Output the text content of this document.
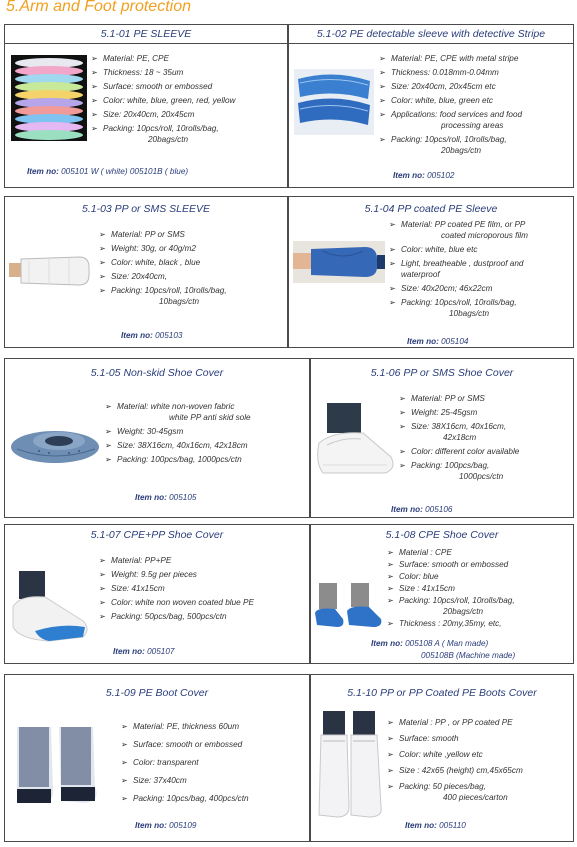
5.Arm and Foot protection
5.1-01 PE SLEEVE
➢ Material: PE, CPE
➢ Thickness: 18 ~ 35um
➢ Surface: smooth or embossed
➢ Color: white, blue, green, red, yellow
➢ Size: 20x40cm, 20x45cm
➢ Packing: 10pcs/roll, 10rolls/bag,
20bags/ctn
Item no: 005101 W ( white) 005101B ( blue)
5.1-02 PE detectable sleeve with detective Stripe
➢ Material: PE, CPE with metal stripe
➢ Thickness: 0.018mm-0.04mm
➢ Size: 20x40cm, 20x45cm etc
➢ Color: white, blue, green etc
➢ Applications: food services and food
processing areas
➢ Packing: 10pcs/roll, 10rolls/bag,
20bags/ctn
Item no: 005102
5.1-03 PP or SMS SLEEVE
➢ Material: PP or SMS
➢ Weight: 30g, or 40g/m2
➢ Color: white, black , blue
➢ Size: 20x40cm,
➢ Packing: 10pcs/roll, 10rolls/bag,
10bags/ctn
Item no: 005103
5.1-04 PP coated PE Sleeve
➢ Material: PP coated PE film, or PP
coated microporous film
➢ Color: white, blue etc
➢ Light, breatheable , dustproof and
waterproof
➢ Size: 40x20cm; 46x22cm
➢ Packing: 10pcs/roll, 10rolls/bag,
10bags/ctn
Item no: 005104
5.1-05 Non-skid Shoe Cover
➢ Material: white non-woven fabric
white PP anti skid sole
➢ Weight: 30-45gsm
➢ Size: 38X16cm, 40x16cm, 42x18cm
➢ Packing: 100pcs/bag, 1000pcs/ctn
Item no: 005105
5.1-06 PP or SMS Shoe Cover
➢ Material: PP or SMS
➢ Weight: 25-45gsm
➢ Size: 38X16cm, 40x16cm,
42x18cm
➢ Color: different color available
➢ Packing: 100pcs/bag,
1000pcs/ctn
Item no: 005106
5.1-07 CPE+PP Shoe Cover
➢ Material: PP+PE
➢ Weight: 9.5g per pieces
➢ Size: 41x15cm
➢ Color: white non woven coated blue PE
➢ Packing: 50pcs/bag, 500pcs/ctn
Item no: 005107
5.1-08 CPE Shoe Cover
➢ Material : CPE
➢ Surface: smooth or embossed
➢ Color: blue
➢ Size : 41x15cm
➢ Packing: 10pcs/roll, 10rolls/bag,
20bags/ctn
➢ Thickness : 20my,35my, etc,
Item no: 005108 A ( Man made)
005108B (Machine made)
5.1-09 PE Boot Cover
➢ Material: PE, thickness 60um
➢ Surface: smooth or embossed
➢ Color: transparent
➢ Size: 37x40cm
➢ Packing: 10pcs/bag, 400pcs/ctn
Item no: 005109
5.1-10 PP or PP Coated PE Boots Cover
➢ Material : PP , or PP coated PE
➢ Surface: smooth
➢ Color: white ,yellow etc
➢ Size : 42x65 (height) cm,45x65cm
➢ Packing: 50 pieces/bag,
400 pieces/carton
Item no: 005110
